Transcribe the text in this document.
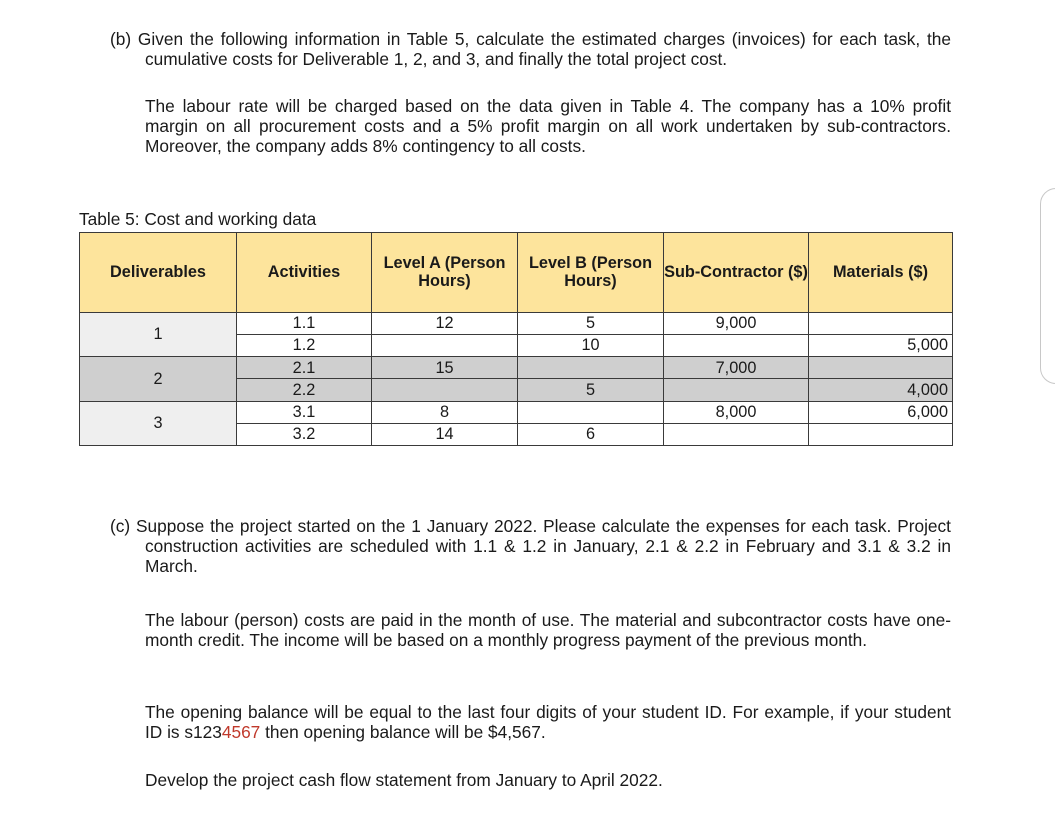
(b) Given the following information in Table 5, calculate the estimated charges (invoices) for each task, the cumulative costs for Deliverable 1, 2, and 3, and finally the total project cost.
The labour rate will be charged based on the data given in Table 4. The company has a 10% profit margin on all procurement costs and a 5% profit margin on all work undertaken by sub-contractors. Moreover, the company adds 8% contingency to all costs.
Table 5: Cost and working data
Deliverables	Activities	Level A (Person Hours)	Level B (Person Hours)	Sub-Contractor ($)	Materials ($)
1	1.1	12	5	9,000	
	1.2		10		5,000
2	2.1	15		7,000	
	2.2		5		4,000
3	3.1	8		8,000	6,000
	3.2	14	6		
(c) Suppose the project started on the 1 January 2022. Please calculate the expenses for each task. Project construction activities are scheduled with 1.1 & 1.2 in January, 2.1 & 2.2 in February and 3.1 & 3.2 in March.
The labour (person) costs are paid in the month of use. The material and subcontractor costs have one-month credit. The income will be based on a monthly progress payment of the previous month.
The opening balance will be equal to the last four digits of your student ID. For example, if your student ID is s1234567 then opening balance will be $4,567.
Develop the project cash flow statement from January to April 2022.
